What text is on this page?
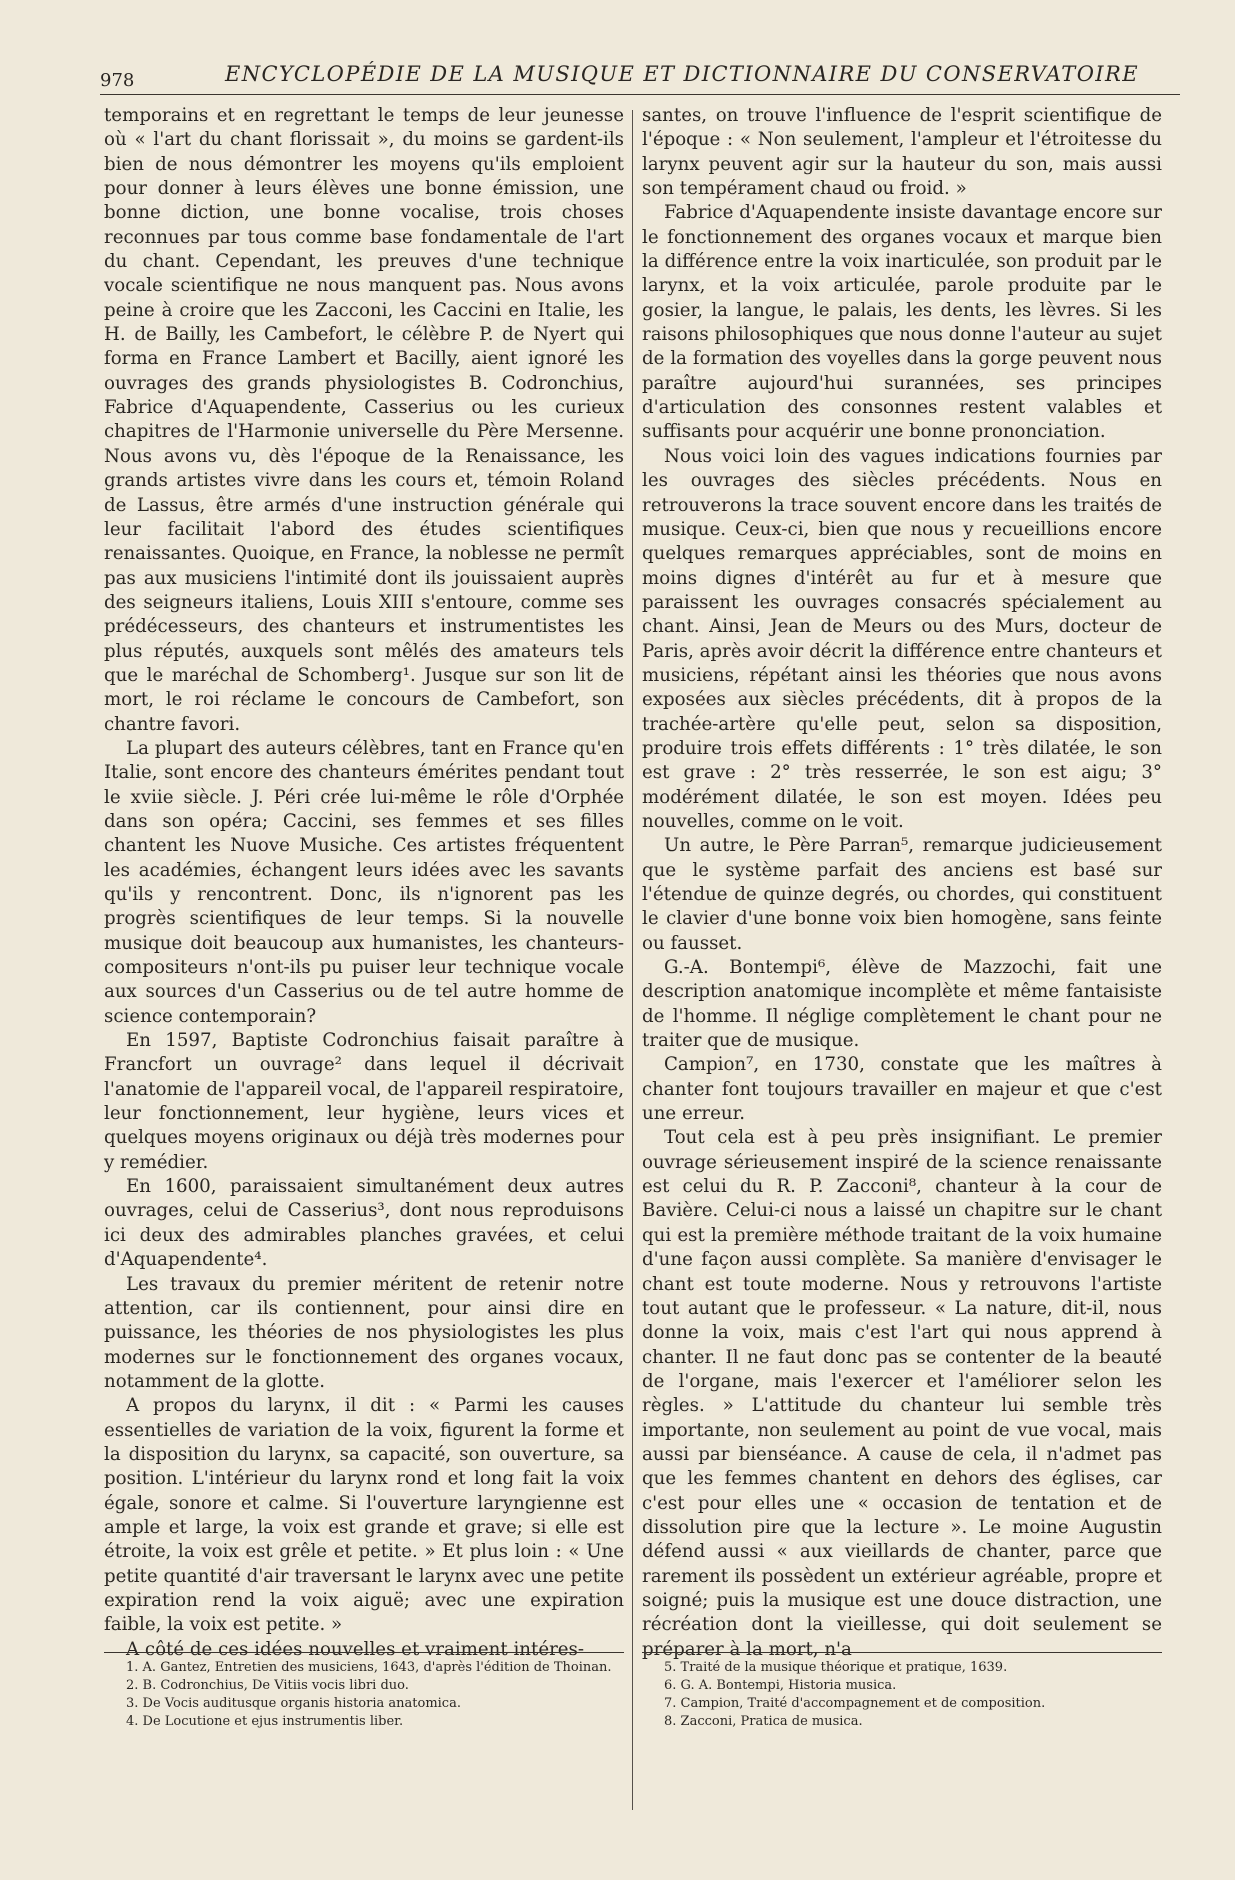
978	ENCYCLOPÉDIE DE LA MUSIQUE ET DICTIONNAIRE DU CONSERVATOIRE

temporains et en regrettant le temps de leur jeunesse où « l'art du chant florissait », du moins se gardent-ils bien de nous démontrer les moyens qu'ils emploient pour donner à leurs élèves une bonne émission, une bonne diction, une bonne vocalise, trois choses reconnues par tous comme base fondamentale de l'art du chant. Cependant, les preuves d'une technique vocale scientifique ne nous manquent pas. Nous avons peine à croire que les Zacconi, les Caccini en Italie, les H. de Bailly, les Cambefort, le célèbre P. de Nyert qui forma en France Lambert et Bacilly, aient ignoré les ouvrages des grands physiologistes B. Codronchius, Fabrice d'Aquapendente, Casserius ou les curieux chapitres de l'Harmonie universelle du Père Mersenne. Nous avons vu, dès l'époque de la Renaissance, les grands artistes vivre dans les cours et, témoin Roland de Lassus, être armés d'une instruction générale qui leur facilitait l'abord des études scientifiques renaissantes. Quoique, en France, la noblesse ne permît pas aux musiciens l'intimité dont ils jouissaient auprès des seigneurs italiens, Louis XIII s'entoure, comme ses prédécesseurs, des chanteurs et instrumentistes les plus réputés, auxquels sont mêlés des amateurs tels que le maréchal de Schomberg¹. Jusque sur son lit de mort, le roi réclame le concours de Cambefort, son chantre favori.

La plupart des auteurs célèbres, tant en France qu'en Italie, sont encore des chanteurs émérites pendant tout le xviie siècle. J. Péri crée lui-même le rôle d'Orphée dans son opéra; Caccini, ses femmes et ses filles chantent les Nuove Musiche. Ces artistes fréquentent les académies, échangent leurs idées avec les savants qu'ils y rencontrent. Donc, ils n'ignorent pas les progrès scientifiques de leur temps. Si la nouvelle musique doit beaucoup aux humanistes, les chanteurs-compositeurs n'ont-ils pu puiser leur technique vocale aux sources d'un Casserius ou de tel autre homme de science contemporain?

En 1597, Baptiste Codronchius faisait paraître à Francfort un ouvrage² dans lequel il décrivait l'anatomie de l'appareil vocal, de l'appareil respiratoire, leur fonctionnement, leur hygiène, leurs vices et quelques moyens originaux ou déjà très modernes pour y remédier.

En 1600, paraissaient simultanément deux autres ouvrages, celui de Casserius³, dont nous reproduisons ici deux des admirables planches gravées, et celui d'Aquapendente⁴.

Les travaux du premier méritent de retenir notre attention, car ils contiennent, pour ainsi dire en puissance, les théories de nos physiologistes les plus modernes sur le fonctionnement des organes vocaux, notamment de la glotte.

A propos du larynx, il dit : « Parmi les causes essentielles de variation de la voix, figurent la forme et la disposition du larynx, sa capacité, son ouverture, sa position. L'intérieur du larynx rond et long fait la voix égale, sonore et calme. Si l'ouverture laryngienne est ample et large, la voix est grande et grave; si elle est étroite, la voix est grêle et petite. » Et plus loin : « Une petite quantité d'air traversant le larynx avec une petite expiration rend la voix aiguë; avec une expiration faible, la voix est petite. »

A côté de ces idées nouvelles et vraiment intéres-

santes, on trouve l'influence de l'esprit scientifique de l'époque : « Non seulement, l'ampleur et l'étroitesse du larynx peuvent agir sur la hauteur du son, mais aussi son tempérament chaud ou froid. »

Fabrice d'Aquapendente insiste davantage encore sur le fonctionnement des organes vocaux et marque bien la différence entre la voix inarticulée, son produit par le larynx, et la voix articulée, parole produite par le gosier, la langue, le palais, les dents, les lèvres. Si les raisons philosophiques que nous donne l'auteur au sujet de la formation des voyelles dans la gorge peuvent nous paraître aujourd'hui surannées, ses principes d'articulation des consonnes restent valables et suffisants pour acquérir une bonne prononciation.

Nous voici loin des vagues indications fournies par les ouvrages des siècles précédents. Nous en retrouverons la trace souvent encore dans les traités de musique. Ceux-ci, bien que nous y recueillions encore quelques remarques appréciables, sont de moins en moins dignes d'intérêt au fur et à mesure que paraissent les ouvrages consacrés spécialement au chant. Ainsi, Jean de Meurs ou des Murs, docteur de Paris, après avoir décrit la différence entre chanteurs et musiciens, répétant ainsi les théories que nous avons exposées aux siècles précédents, dit à propos de la trachée-artère qu'elle peut, selon sa disposition, produire trois effets différents : 1° très dilatée, le son est grave : 2° très resserrée, le son est aigu; 3° modérément dilatée, le son est moyen. Idées peu nouvelles, comme on le voit.

Un autre, le Père Parran⁵, remarque judicieusement que le système parfait des anciens est basé sur l'étendue de quinze degrés, ou chordes, qui constituent le clavier d'une bonne voix bien homogène, sans feinte ou fausset.

G.-A. Bontempi⁶, élève de Mazzochi, fait une description anatomique incomplète et même fantaisiste de l'homme. Il néglige complètement le chant pour ne traiter que de musique.

Campion⁷, en 1730, constate que les maîtres à chanter font toujours travailler en majeur et que c'est une erreur.

Tout cela est à peu près insignifiant. Le premier ouvrage sérieusement inspiré de la science renaissante est celui du R. P. Zacconi⁸, chanteur à la cour de Bavière. Celui-ci nous a laissé un chapitre sur le chant qui est la première méthode traitant de la voix humaine d'une façon aussi complète. Sa manière d'envisager le chant est toute moderne. Nous y retrouvons l'artiste tout autant que le professeur. « La nature, dit-il, nous donne la voix, mais c'est l'art qui nous apprend à chanter. Il ne faut donc pas se contenter de la beauté de l'organe, mais l'exercer et l'améliorer selon les règles. » L'attitude du chanteur lui semble très importante, non seulement au point de vue vocal, mais aussi par bienséance. A cause de cela, il n'admet pas que les femmes chantent en dehors des églises, car c'est pour elles une « occasion de tentation et de dissolution pire que la lecture ». Le moine Augustin défend aussi « aux vieillards de chanter, parce que rarement ils possèdent un extérieur agréable, propre et soigné; puis la musique est une douce distraction, une récréation dont la vieillesse, qui doit seulement se préparer à la mort, n'a

1. A. Gantez, Entretien des musiciens, 1643, d'après l'édition de Thoinan.
2. B. Codronchius, De Vitiis vocis libri duo.
3. De Vocis auditusque organis historia anatomica.
4. De Locutione et ejus instrumentis liber.
5. Traité de la musique théorique et pratique, 1639.
6. G. A. Bontempi, Historia musica.
7. Campion, Traité d'accompagnement et de composition.
8. Zacconi, Pratica de musica.
